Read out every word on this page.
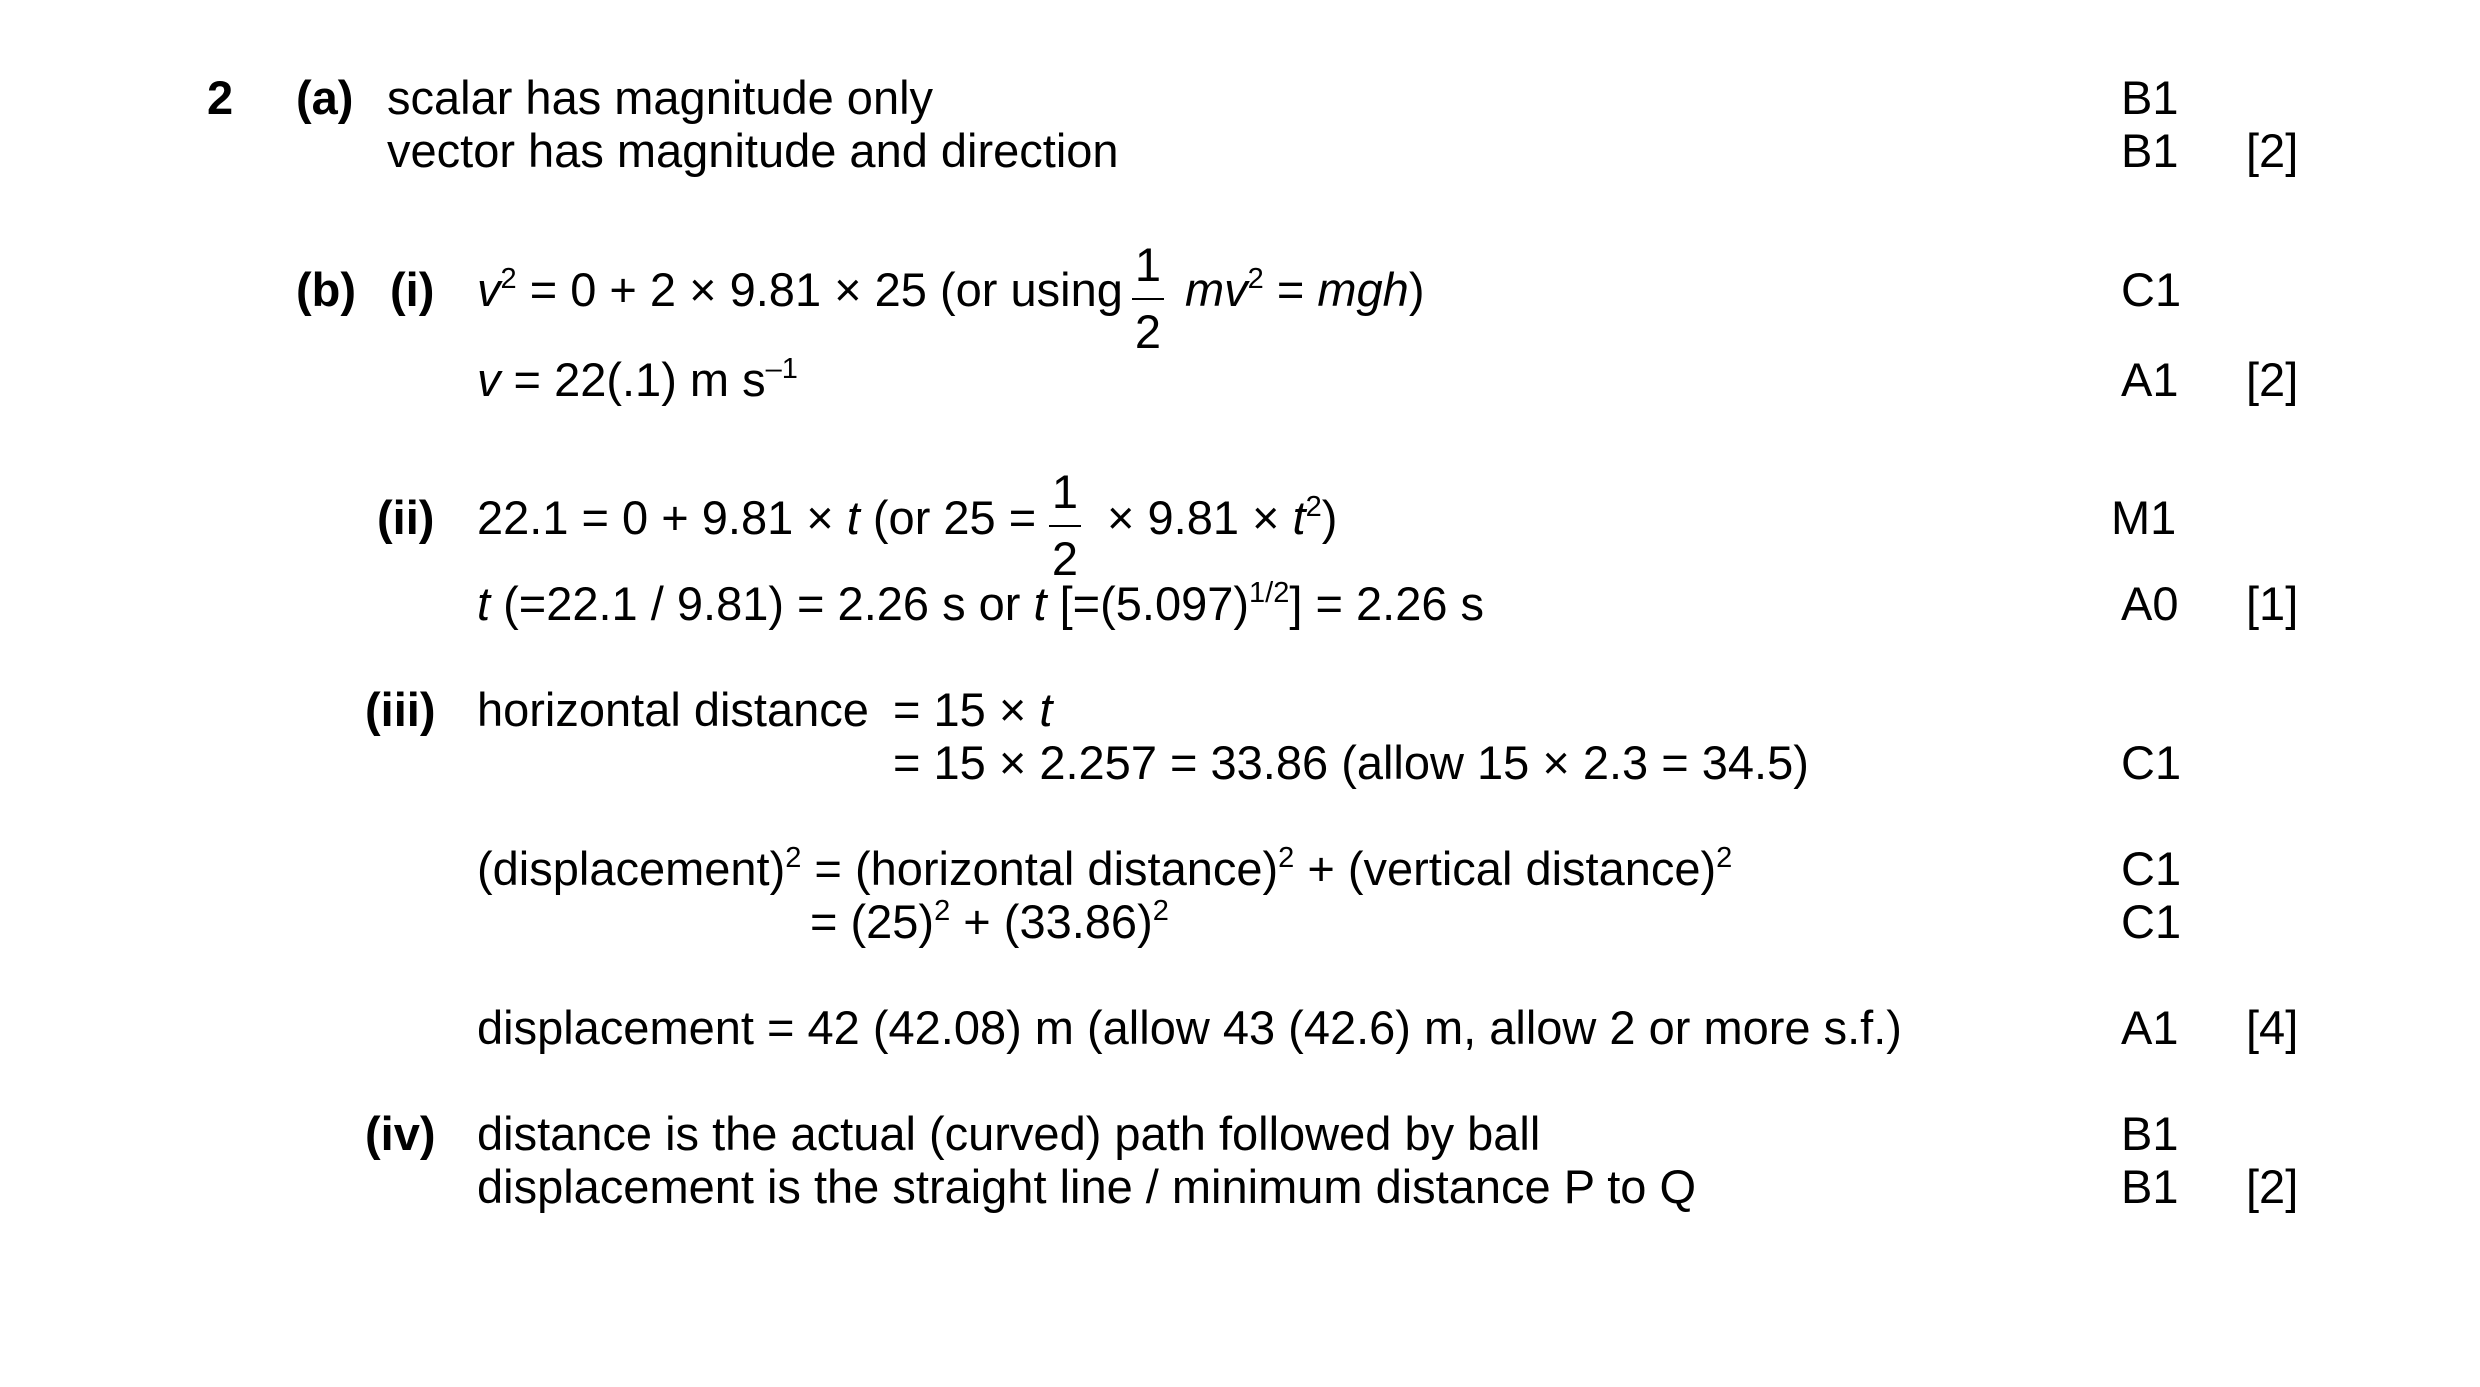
2 (a) scalar has magnitude only
vector has magnitude and direction
B1
B1 [2]
(b) (i) $v^2 = 0 + 2 \times 9.81 \times 25$ (or using 1
2
$mv^2 = mgh$)
v = 22(.1) m $s^{-1}$
C1
A1 [2]
(ii) 22.1 = 0 + 9.81 × t (or 25 = 1
2
× $9.81 \times t^2$)
t (=22.1 / 9.81) = 2.26 s or t $[=(5.097)^{1/2}] = 2.26$ s
M1
A0 [1]
(iii) horizontal distance = 15 × t
= 15 × 2.257 = 33.86 (allow 15 × 2.3 = 34.5)	C1
(displacement)$^2$ = (horizontal distance)$^2$ + (vertical distance)$^2$
= $(25)^2 + (33.86)^2$
C1
C1
displacement = 42 (42.08) m (allow 43 (42.6) m, allow 2 or more s.f.)	A1 [4]
(iv) distance is the actual (curved) path followed by ball
displacement is the straight line / minimum distance P to Q
B1
B1 [2]
